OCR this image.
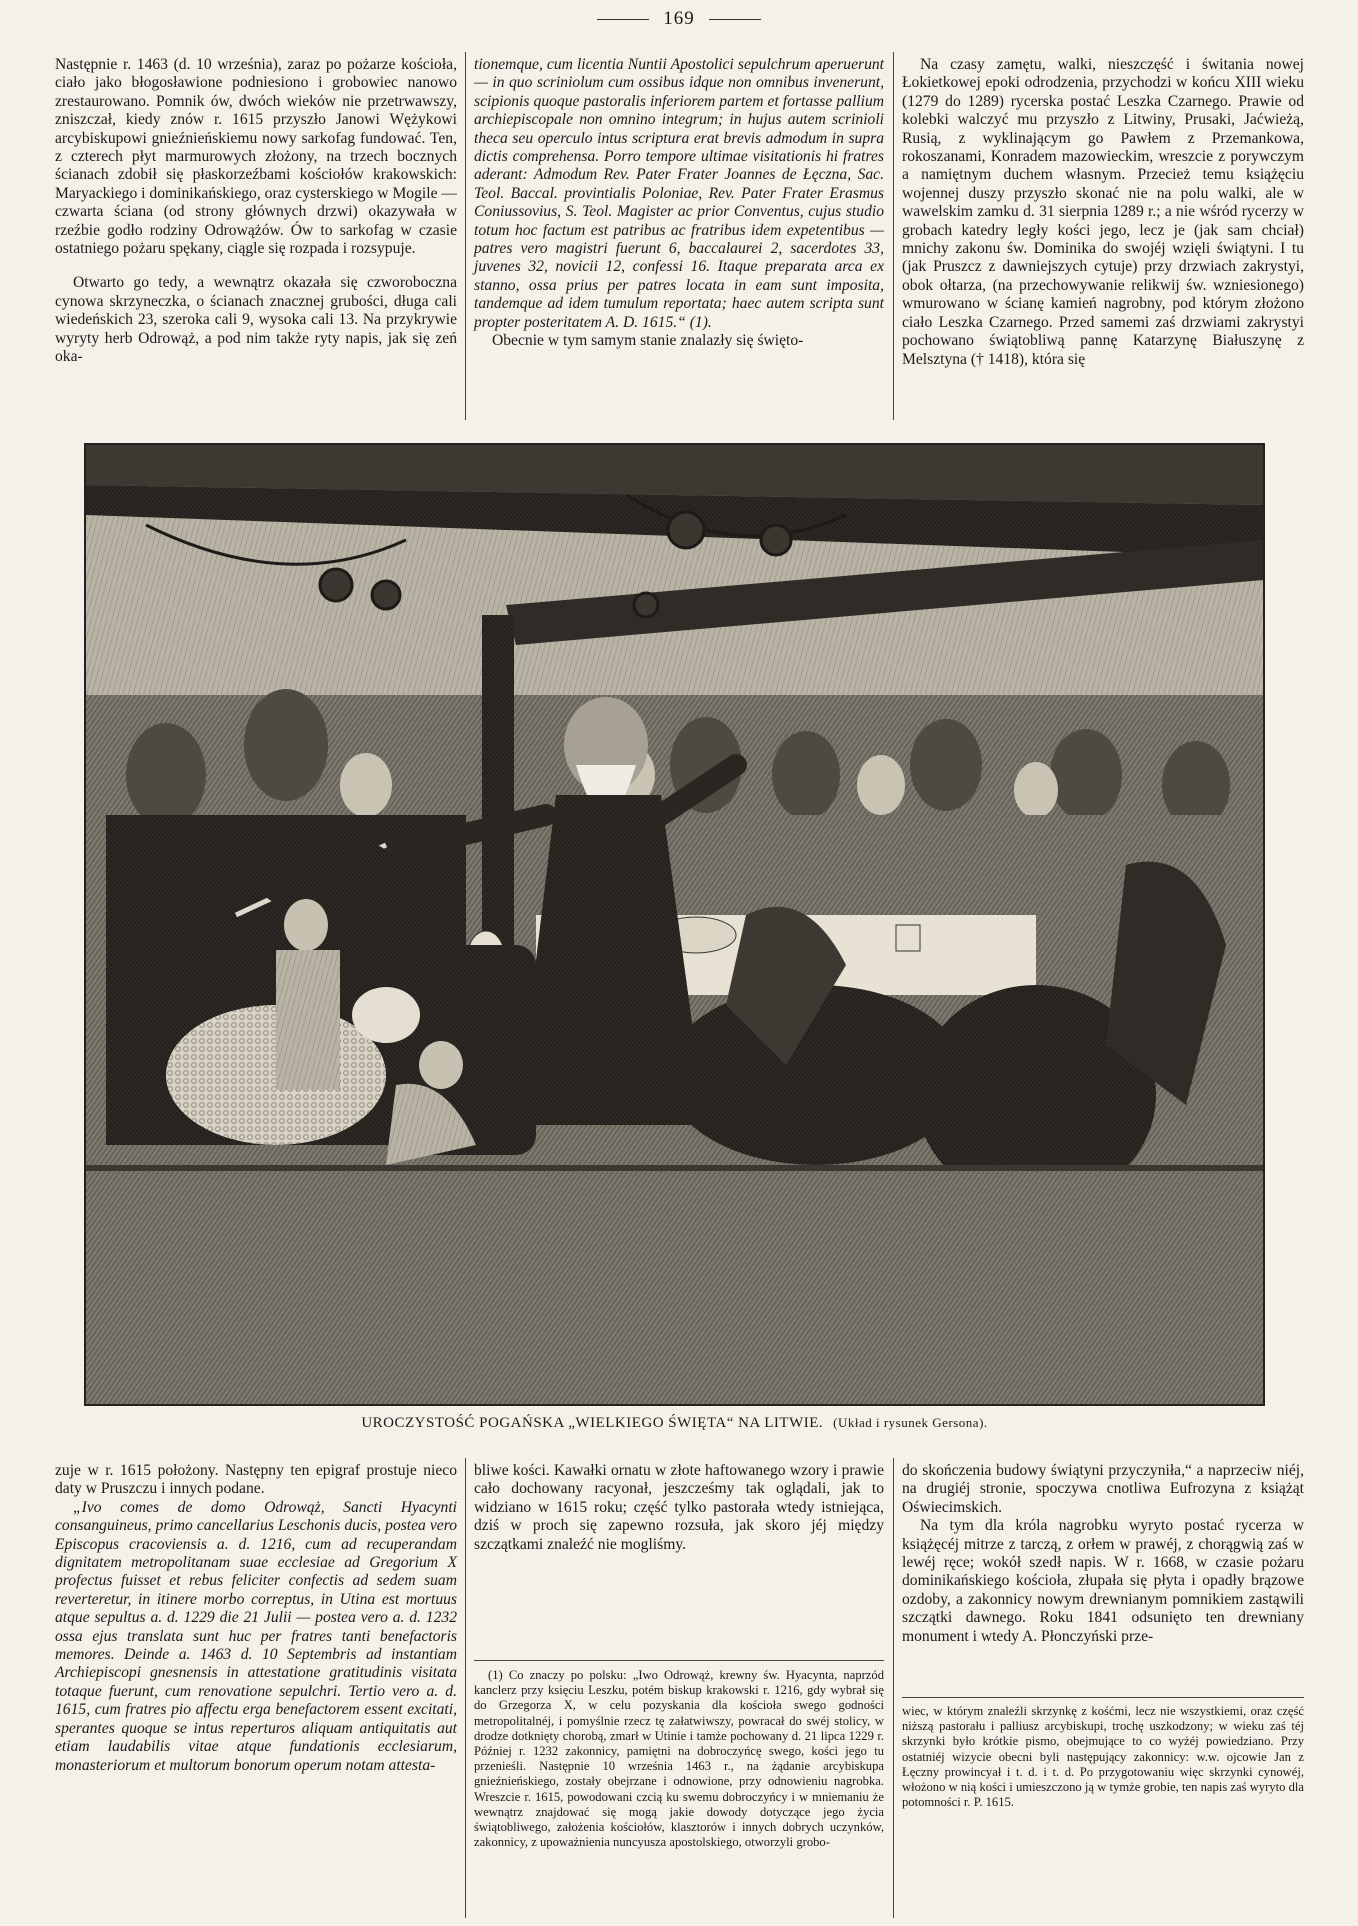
169

Następnie r. 1463 (d. 10 września), zaraz po pożarze kościoła, ciało jako błogosławione podniesiono i grobowiec nanowo zrestaurowano. Pomnik ów, dwóch wieków nie przetrwawszy, zniszczał, kiedy znów r. 1615 przyszło Janowi Wężykowi arcybiskupowi gnieźnieńskiemu nowy sarkofag fundować. Ten, z czterech płyt marmurowych złożony, na trzech bocznych ścianach zdobił się płaskorzeźbami kościołów krakowskich: Maryackiego i dominikańskiego, oraz cysterskiego w Mogile — czwarta ściana (od strony głównych drzwi) okazywała w rzeźbie godło rodziny Odrowążów. Ów to sarkofag w czasie ostatniego pożaru spękany, ciągle się rozpada i rozsypuje.

Otwarto go tedy, a wewnątrz okazała się czworoboczna cynowa skrzyneczka, o ścianach znacznej grubości, długa cali wiedeńskich 23, szeroka cali 9, wysoka cali 13. Na przykrywie wyryty herb Odrowąż, a pod nim także ryty napis, jak się zeń oka-

tionemque, cum licentia Nuntii Apostolici sepulchrum aperuerunt — in quo scriniolum cum ossibus idque non omnibus invenerunt, scipionis quoque pastoralis inferiorem partem et fortasse pallium archiepiscopale non omnino integrum; in hujus autem scrinioli theca seu operculo intus scriptura erat brevis admodum in supra dictis comprehensa. Porro tempore ultimae visitationis hi fratres aderant: Admodum Rev. Pater Frater Joannes de Łęczna, Sac. Teol. Baccal. provintialis Poloniae, Rev. Pater Frater Erasmus Coniussovius, S. Teol. Magister ac prior Conventus, cujus studio totum hoc factum est patribus ac fratribus idem expetentibus — patres vero magistri fuerunt 6, baccalaurei 2, sacerdotes 33, juvenes 32, novicii 12, confessi 16. Itaque preparata arca ex stanno, ossa prius per patres locata in eam sunt imposita, tandemque ad idem tumulum reportata; haec autem scripta sunt propter posteritatem A. D. 1615.“ (1).

Obecnie w tym samym stanie znalazły się święto-

Na czasy zamętu, walki, nieszczęść i świtania nowej Łokietkowej epoki odrodzenia, przychodzi w końcu XIII wieku (1279 do 1289) rycerska postać Leszka Czarnego. Prawie od kolebki walczyć mu przyszło z Litwiny, Prusaki, Jaćwieżą, Rusią, z wyklinającym go Pawłem z Przemankowa, rokoszanami, Konradem mazowieckim, wreszcie z porywczym a namiętnym duchem własnym. Przecież temu książęciu wojennej duszy przyszło skonać nie na polu walki, ale w wawelskim zamku d. 31 sierpnia 1289 r.; a nie wśród rycerzy w grobach katedry legły kości jego, lecz je (jak sam chciał) mnichy zakonu św. Dominika do swojéj wzięli świątyni. I tu (jak Pruszcz z dawniejszych cytuje) przy drzwiach zakrystyi, obok ołtarza, (na przechowywanie relikwij św. wzniesionego) wmurowano w ścianę kamień nagrobny, pod którym złożono ciało Leszka Czarnego. Przed samemi zaś drzwiami zakrystyi pochowano świątobliwą pannę Katarzynę Białuszynę z Melsztyna († 1418), która się

UROCZYSTOŚĆ POGAŃSKA „WIELKIEGO ŚWIĘTA“ NA LITWIE. (Układ i rysunek Gersona).

zuje w r. 1615 położony. Następny ten epigraf prostuje nieco daty w Pruszczu i innych podane.

„Ivo comes de domo Odrowąż, Sancti Hyacynti consanguineus, primo cancellarius Leschonis ducis, postea vero Episcopus cracoviensis a. d. 1216, cum ad recuperandam dignitatem metropolitanam suae ecclesiae ad Gregorium X profectus fuisset et rebus feliciter confectis ad sedem suam reverteretur, in itinere morbo correptus, in Utina est mortuus atque sepultus a. d. 1229 die 21 Julii — postea vero a. d. 1232 ossa ejus translata sunt huc per fratres tanti benefactoris memores. Deinde a. 1463 d. 10 Septembris ad instantiam Archiepiscopi gnesnensis in attestatione gratitudinis visitata totaque fuerunt, cum renovatione sepulchri. Tertio vero a. d. 1615, cum fratres pio affectu erga benefactorem essent excitati, sperantes quoque se intus reperturos aliquam antiquitatis aut etiam laudabilis vitae atque fundationis ecclesiarum, monasteriorum et multorum bonorum operum notam attesta-

bliwe kości. Kawałki ornatu w złote haftowanego wzory i prawie cało dochowany racyonał, jeszcześmy tak oglądali, jak to widziano w 1615 roku; część tylko pastorała wtedy istniejąca, dziś w proch się zapewno rozsuła, jak skoro jéj między szczątkami znaleźć nie mogliśmy.

(1) Co znaczy po polsku: „Iwo Odrowąż, krewny św. Hyacynta, naprzód kanclerz przy księciu Leszku, potém biskup krakowski r. 1216, gdy wybrał się do Grzegorza X, w celu pozyskania dla kościoła swego godności metropolitalnéj, i pomyślnie rzecz tę załatwiwszy, powracał do swéj stolicy, w drodze dotknięty chorobą, zmarł w Utinie i tamże pochowany d. 21 lipca 1229 r. Później r. 1232 zakonnicy, pamiętni na dobroczyńcę swego, kości jego tu przenieśli. Następnie 10 września 1463 r., na żądanie arcybiskupa gnieźnieńskiego, zostały obejrzane i odnowione, przy odnowieniu nagrobka. Wreszcie r. 1615, powodowani czcią ku swemu dobroczyńcy i w mniemaniu że wewnątrz znajdować się mogą jakie dowody dotyczące jego życia świątobliwego, założenia kościołów, klasztorów i innych dobrych uczynków, zakonnicy, z upoważnienia nuncyusza apostolskiego, otworzyli grobo-

do skończenia budowy świątyni przyczyniła,“ a naprzeciw niéj, na drugiéj stronie, spoczywa cnotliwa Eufrozyna z książąt Oświecimskich.

Na tym dla króla nagrobku wyryto postać rycerza w książęcéj mitrze z tarczą, z orłem w prawéj, z chorągwią zaś w lewéj ręce; wokół szedł napis. W r. 1668, w czasie pożaru dominikańskiego kościoła, złupała się płyta i opadły brązowe ozdoby, a zakonnicy nowym drewnianym pomnikiem zastąwili szczątki dawnego. Roku 1841 odsunięto ten drewniany monument i wtedy A. Płonczyński prze-

wiec, w którym znaleźli skrzynkę z kośćmi, lecz nie wszystkiemi, oraz część niższą pastorału i palliusz arcybiskupi, trochę uszkodzony; w wieku zaś téj skrzynki było krótkie pismo, obejmujące to co wyżéj powiedziano. Przy ostatniéj wizycie obecni byli następujący zakonnicy: w.w. ojcowie Jan z Łęczny prowincyał i t. d. i t. d. Po przygotowaniu więc skrzynki cynowéj, włożono w nią kości i umieszczono ją w tymże grobie, ten napis zaś wyryto dla potomności r. P. 1615.
